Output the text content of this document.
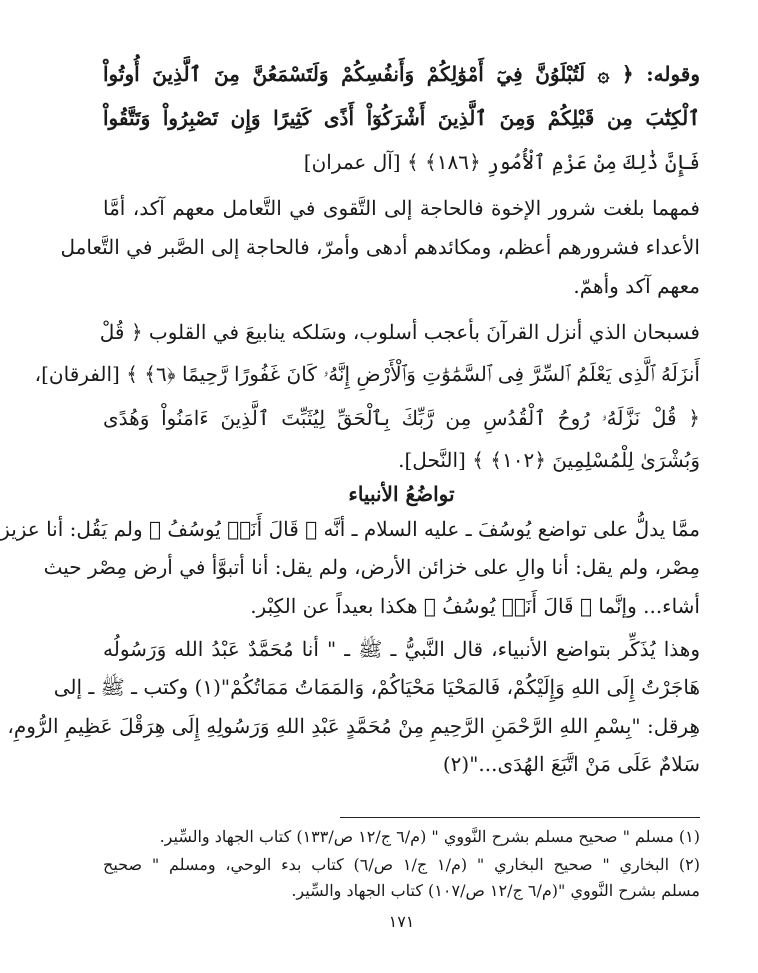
وقوله: ﴿ ۞ لَتُبْلَوُنَّ فِيٓ أَمْوَٰلِكُمْ وَأَنفُسِكُمْ وَلَتَسْمَعُنَّ مِنَ ٱلَّذِينَ أُوتُواْ
ٱلْكِتَٰبَ مِن قَبْلِكُمْ وَمِنَ ٱلَّذِينَ أَشْرَكُوٓاْ أَذًى كَثِيرًا وَإِن تَصْبِرُواْ وَتَتَّقُواْ
فَإِنَّ ذَٰلِكَ مِنْ عَزْمِ ٱلْأُمُورِ ﴿١٨٦﴾ ﴾ [آل عمران]
فمهما بلغت شرور الإخوة فالحاجة إلى التَّقوى في التَّعامل معهم آكد، أمَّا
الأعداء فشرورهم أعظم، ومكائدهم أدهى وأمرّ، فالحاجة إلى الصَّبر في التَّعامل
معهم آكد وأهمّ.
فسبحان الذي أنزل القرآنَ بأعجب أسلوب، وسَلكه ينابيعَ في القلوب ﴿ قُلْ
أَنزَلَهُ ٱلَّذِى يَعْلَمُ ٱلسِّرَّ فِى ٱلسَّمَٰوَٰتِ وَٱلْأَرْضِ إِنَّهُۥ كَانَ غَفُورًا رَّحِيمًا ﴿٦﴾ ﴾ [الفرقان]،
﴿ قُلْ نَزَّلَهُۥ رُوحُ ٱلْقُدُسِ مِن رَّبِّكَ بِٱلْحَقِّ لِيُثَبِّتَ ٱلَّذِينَ ءَامَنُواْ وَهُدًى
وَبُشْرَىٰ لِلْمُسْلِمِينَ ﴿١٠٢﴾ ﴾ [النَّحل].
تواضُعُ الأنبياء
ممَّا يدلُّ على تواضع يُوسُفَ ـ عليه السلام ـ أنَّه ﴿ قَالَ أَنَا۠ يُوسُفُ ﴾ ولم يَقُل: أنا عزيز
مِصْر، ولم يقل: أنا والِ على خزائن الأرض، ولم يقل: أنا أتبوَّأ في أرض مِصْر حيث
أشاء... وإنَّما ﴿ قَالَ أَنَا۠ يُوسُفُ ﴾ هكذا بعيداً عن الكِبْر.
وهذا يُذَكِّر بتواضع الأنبياء، قال النَّبيُّ ـ ﷺ ـ " أنا مُحَمَّدٌ عَبْدُ الله وَرَسُولُه
هَاجَرْتُ إِلَى اللهِ وَإِلَيْكُمْ، فَالمَحْيَا مَحْيَاكُمْ، وَالمَمَاتُ مَمَاتُكُمْ"(١) وكتب ـ ﷺ ـ إلى
هِرقل: "بِسْمِ اللهِ الرَّحْمَنِ الرَّحِيمِ مِنْ مُحَمَّدٍ عَبْدِ اللهِ وَرَسُولِهِ إِلَى هِرَقْلَ عَظِيمِ الرُّومِ،
سَلامٌ عَلَى مَنْ اتَّبَعَ الهُدَى..."(٢)
(١) مسلم " صحيح مسلم بشرح النَّووي " (م/٦ ج/١٢ ص/١٣٣) كتاب الجهاد والسِّير.
(٢) البخاري " صحيح البخاري " (م/١ ج/١ ص/٦) كتاب بدء الوحي، ومسلم " صحيح
مسلم بشرح النَّووي "(م/٦ ج/١٢ ص/١٠٧) كتاب الجهاد والسِّير.
١٧١
